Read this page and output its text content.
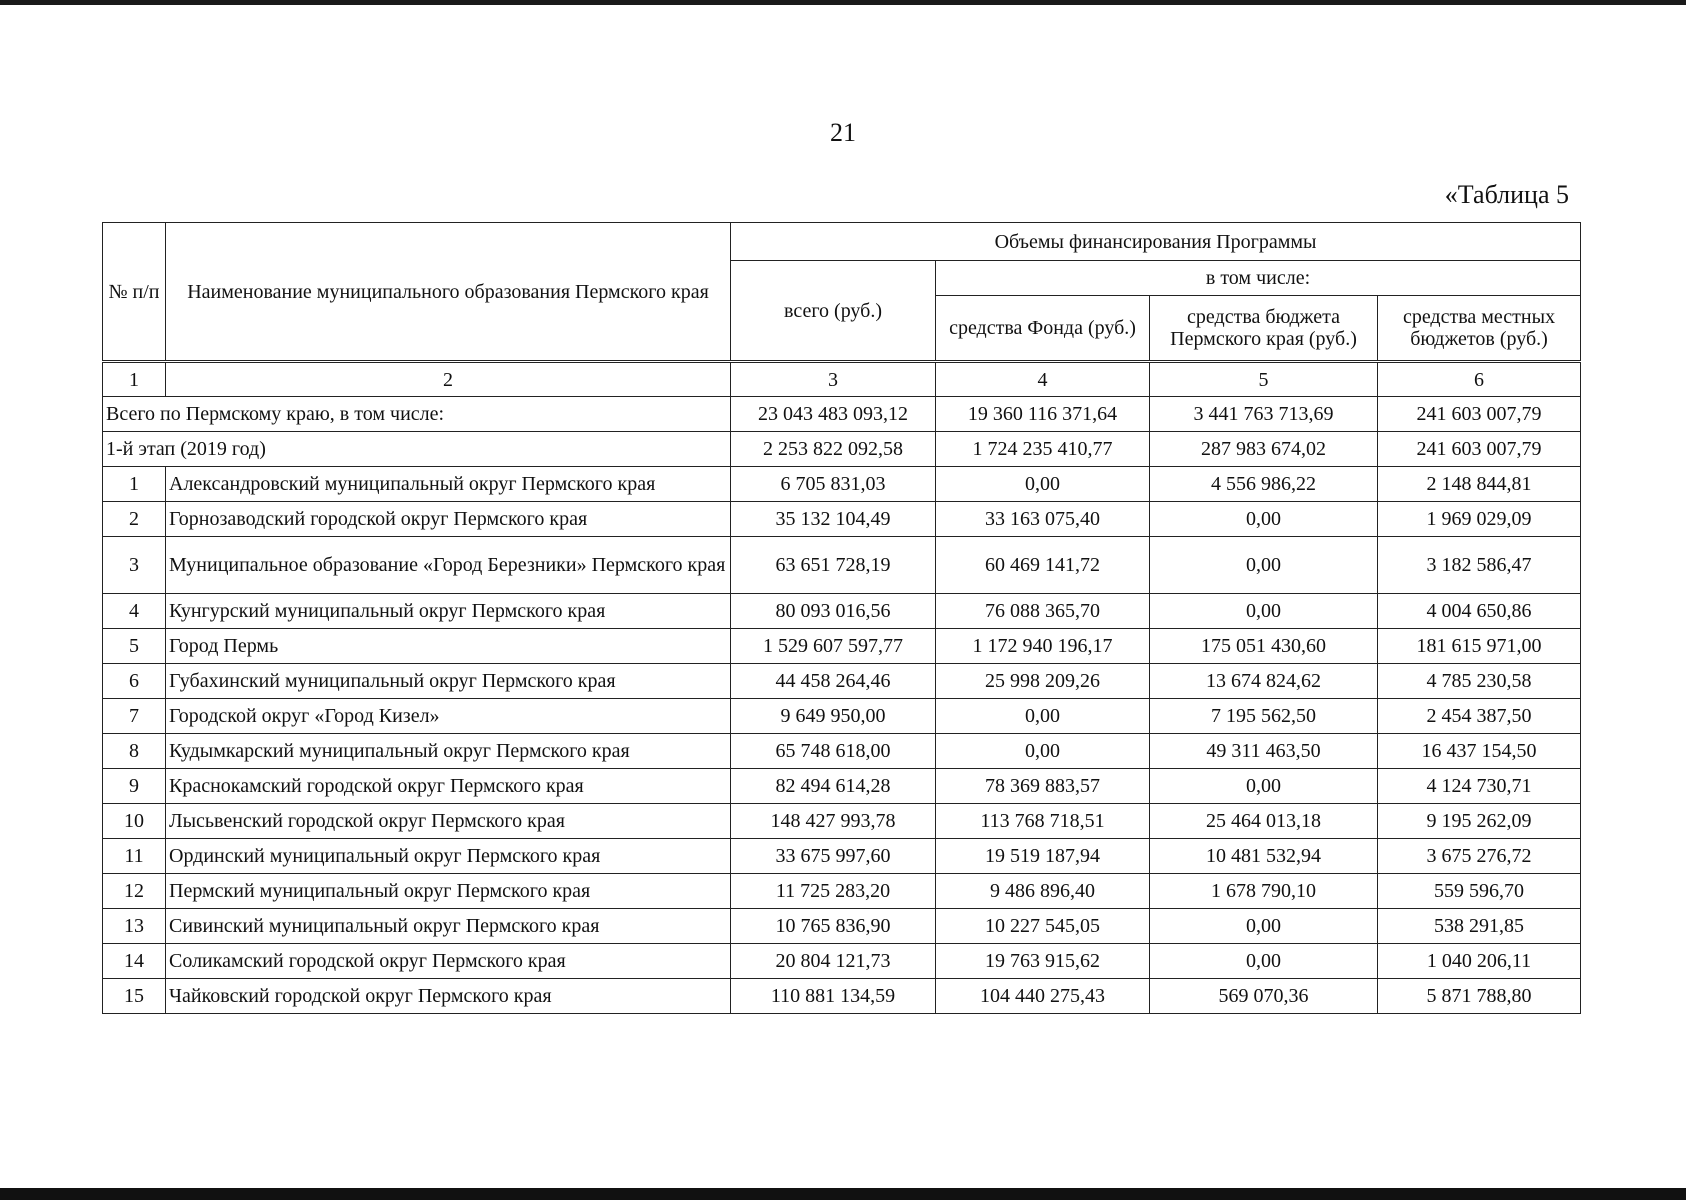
21
«Таблица 5
№ п/п	Наименование муниципального образования Пермского края	Объемы финансирования Программы			
		всего (руб.)	в том числе:		
			средства Фонда (руб.)	средства бюджета Пермского края (руб.)	средства местных бюджетов (руб.)
1	2	3	4	5	6
Всего по Пермскому краю, в том числе:		23 043 483 093,12	19 360 116 371,64	3 441 763 713,69	241 603 007,79
1-й этап (2019 год)		2 253 822 092,58	1 724 235 410,77	287 983 674,02	241 603 007,79
1	Александровский муниципальный округ Пермского края	6 705 831,03	0,00	4 556 986,22	2 148 844,81
2	Горнозаводский городской округ Пермского края	35 132 104,49	33 163 075,40	0,00	1 969 029,09
3	Муниципальное образование «Город Березники» Пермского края	63 651 728,19	60 469 141,72	0,00	3 182 586,47
4	Кунгурский муниципальный округ Пермского края	80 093 016,56	76 088 365,70	0,00	4 004 650,86
5	Город Пермь	1 529 607 597,77	1 172 940 196,17	175 051 430,60	181 615 971,00
6	Губахинский муниципальный округ Пермского края	44 458 264,46	25 998 209,26	13 674 824,62	4 785 230,58
7	Городской округ «Город Кизел»	9 649 950,00	0,00	7 195 562,50	2 454 387,50
8	Кудымкарский муниципальный округ Пермского края	65 748 618,00	0,00	49 311 463,50	16 437 154,50
9	Краснокамский городской округ Пермского края	82 494 614,28	78 369 883,57	0,00	4 124 730,71
10	Лысьвенский городской округ Пермского края	148 427 993,78	113 768 718,51	25 464 013,18	9 195 262,09
11	Ординский муниципальный округ Пермского края	33 675 997,60	19 519 187,94	10 481 532,94	3 675 276,72
12	Пермский муниципальный округ Пермского края	11 725 283,20	9 486 896,40	1 678 790,10	559 596,70
13	Сивинский муниципальный округ Пермского края	10 765 836,90	10 227 545,05	0,00	538 291,85
14	Соликамский городской округ Пермского края	20 804 121,73	19 763 915,62	0,00	1 040 206,11
15	Чайковский городской округ Пермского края	110 881 134,59	104 440 275,43	569 070,36	5 871 788,80
